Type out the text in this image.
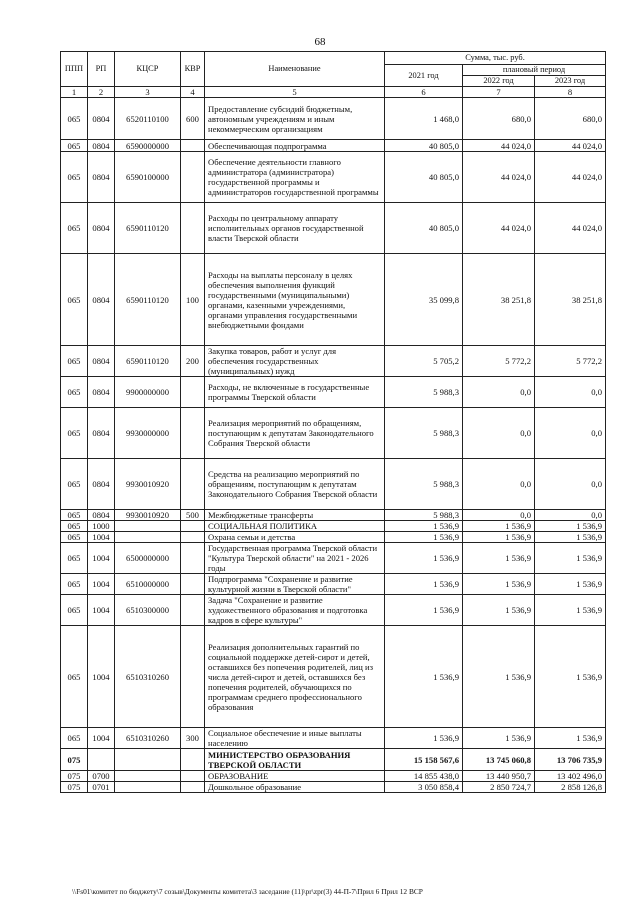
68
ППП	РП	КЦСР	КВР	Наименование	Сумма, тыс. руб.		
					2021 год	плановый период	
						2022 год	2023 год
1	2	3	4	5	6	7	8
065	0804	6520110100	600	Предоставление субсидий бюджетным, автономным учреждениям и иным некоммерческим организациям	1 468,0	680,0	680,0
065	0804	6590000000		Обеспечивающая подпрограмма	40 805,0	44 024,0	44 024,0
065	0804	6590100000		Обеспечение деятельности главного администратора (администратора) государственной программы и администраторов государственной программы	40 805,0	44 024,0	44 024,0
065	0804	6590110120		Расходы по центральному аппарату исполнительных органов государственной власти Тверской области	40 805,0	44 024,0	44 024,0
065	0804	6590110120	100	Расходы на выплаты персоналу в целях обеспечения выполнения функций государственными (муниципальными) органами, казенными учреждениями, органами управления государственными внебюджетными фондами	35 099,8	38 251,8	38 251,8
065	0804	6590110120	200	Закупка товаров, работ и услуг для обеспечения государственных (муниципальных) нужд	5 705,2	5 772,2	5 772,2
065	0804	9900000000		Расходы, не включенные в государственные программы Тверской области	5 988,3	0,0	0,0
065	0804	9930000000		Реализация мероприятий по обращениям, поступающим к депутатам Законодательного Собрания Тверской области	5 988,3	0,0	0,0
065	0804	9930010920		Средства на реализацию мероприятий по обращениям, поступающим к депутатам Законодательного Собрания Тверской области	5 988,3	0,0	0,0
065	0804	9930010920	500	Межбюджетные трансферты	5 988,3	0,0	0,0
065	1000			СОЦИАЛЬНАЯ ПОЛИТИКА	1 536,9	1 536,9	1 536,9
065	1004			Охрана семьи и детства	1 536,9	1 536,9	1 536,9
065	1004	6500000000		Государственная программа Тверской области "Культура Тверской области" на 2021 - 2026 годы	1 536,9	1 536,9	1 536,9
065	1004	6510000000		Подпрограмма "Сохранение и развитие культурной жизни в Тверской области"	1 536,9	1 536,9	1 536,9
065	1004	6510300000		Задача "Сохранение и развитие художественного образования и подготовка кадров в сфере культуры"	1 536,9	1 536,9	1 536,9
065	1004	6510310260		Реализация дополнительных гарантий по социальной поддержке детей-сирот и детей, оставшихся без попечения родителей, лиц из числа детей-сирот и детей, оставшихся без попечения родителей, обучающихся по программам среднего профессионального образования	1 536,9	1 536,9	1 536,9
065	1004	6510310260	300	Социальное обеспечение и иные выплаты населению	1 536,9	1 536,9	1 536,9
075				МИНИСТЕРСТВО ОБРАЗОВАНИЯ ТВЕРСКОЙ ОБЛАСТИ	15 158 567,6	13 745 060,8	13 706 735,9
075	0700			ОБРАЗОВАНИЕ	14 855 438,0	13 440 950,7	13 402 496,0
075	0701			Дошкольное образование	3 050 858,4	2 850 724,7	2 858 126,8
\\Fs01\комитет по бюджету\7 созыв\Документы комитета\3 заседание (11)\pr\zpr(3) 44-П-7\Прил 6 Прил 12 ВСР
